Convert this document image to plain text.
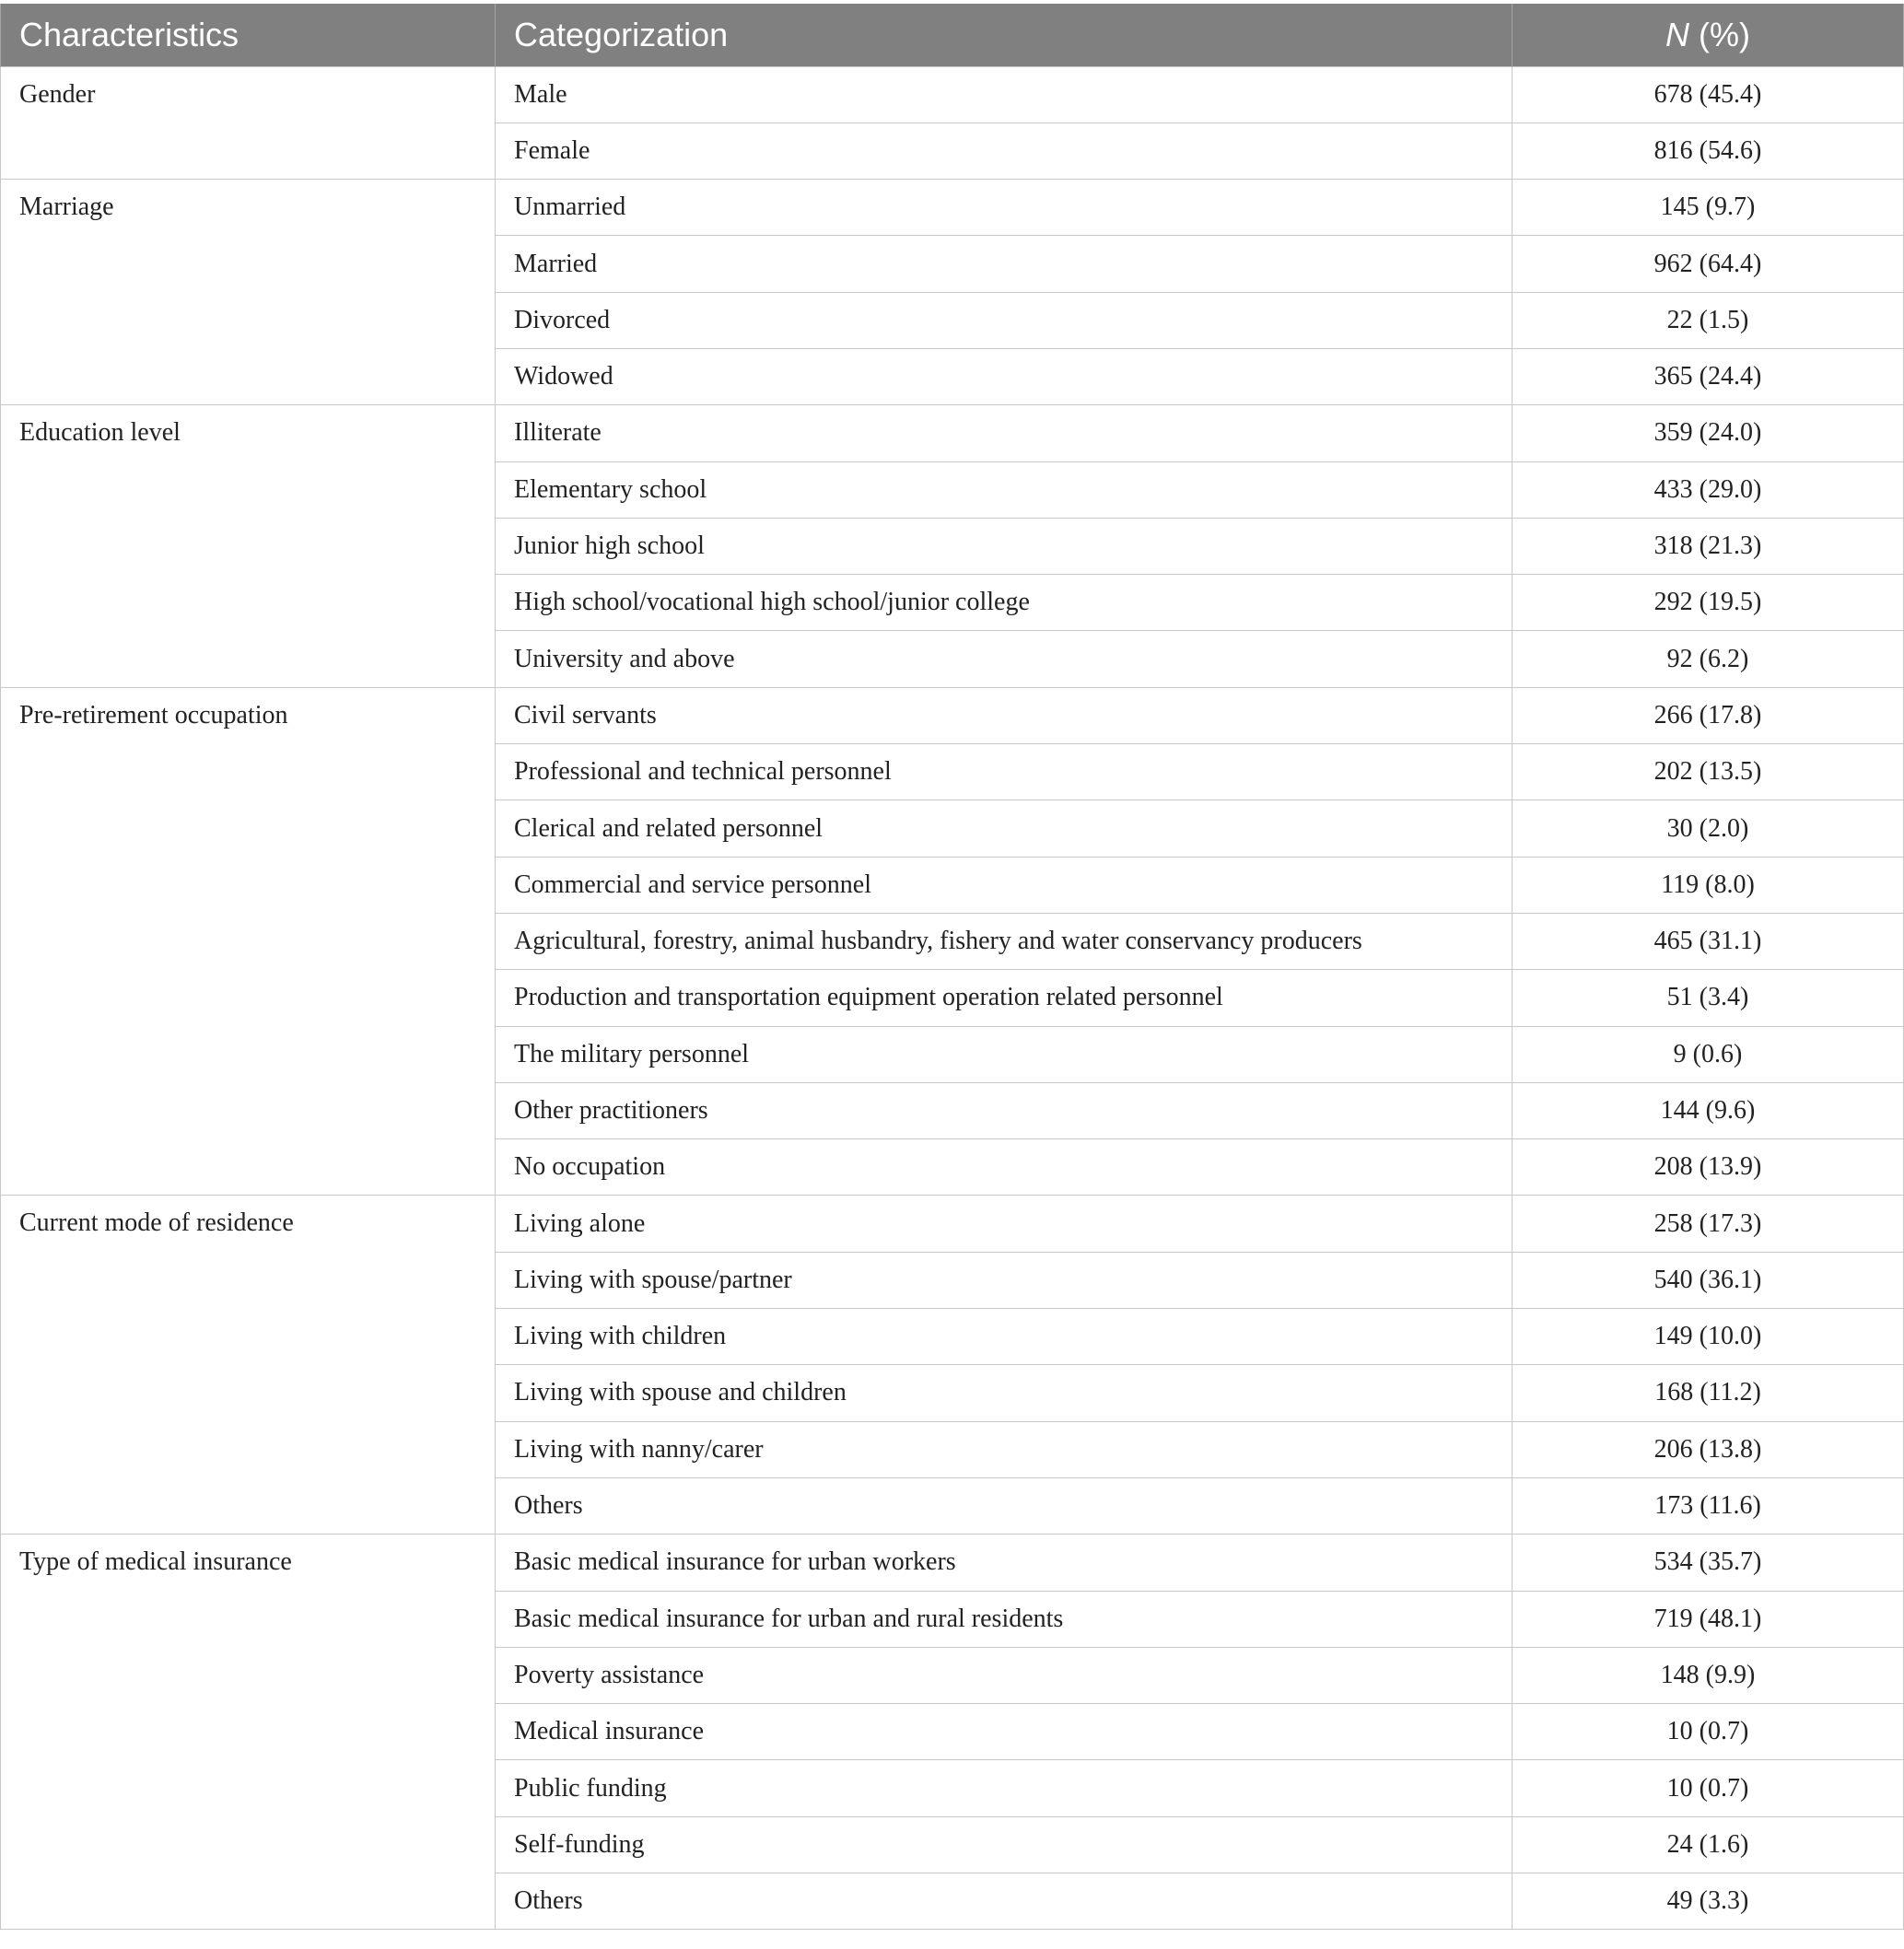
Characteristics	Categorization	N (%)
Gender	Male	678 (45.4)
	Female	816 (54.6)
Marriage	Unmarried	145 (9.7)
	Married	962 (64.4)
	Divorced	22 (1.5)
	Widowed	365 (24.4)
Education level	Illiterate	359 (24.0)
	Elementary school	433 (29.0)
	Junior high school	318 (21.3)
	High school/vocational high school/junior college	292 (19.5)
	University and above	92 (6.2)
Pre-retirement occupation	Civil servants	266 (17.8)
	Professional and technical personnel	202 (13.5)
	Clerical and related personnel	30 (2.0)
	Commercial and service personnel	119 (8.0)
	Agricultural, forestry, animal husbandry, fishery and water conservancy producers	465 (31.1)
	Production and transportation equipment operation related personnel	51 (3.4)
	The military personnel	9 (0.6)
	Other practitioners	144 (9.6)
	No occupation	208 (13.9)
Current mode of residence	Living alone	258 (17.3)
	Living with spouse/partner	540 (36.1)
	Living with children	149 (10.0)
	Living with spouse and children	168 (11.2)
	Living with nanny/carer	206 (13.8)
	Others	173 (11.6)
Type of medical insurance	Basic medical insurance for urban workers	534 (35.7)
	Basic medical insurance for urban and rural residents	719 (48.1)
	Poverty assistance	148 (9.9)
	Medical insurance	10 (0.7)
	Public funding	10 (0.7)
	Self-funding	24 (1.6)
	Others	49 (3.3)
